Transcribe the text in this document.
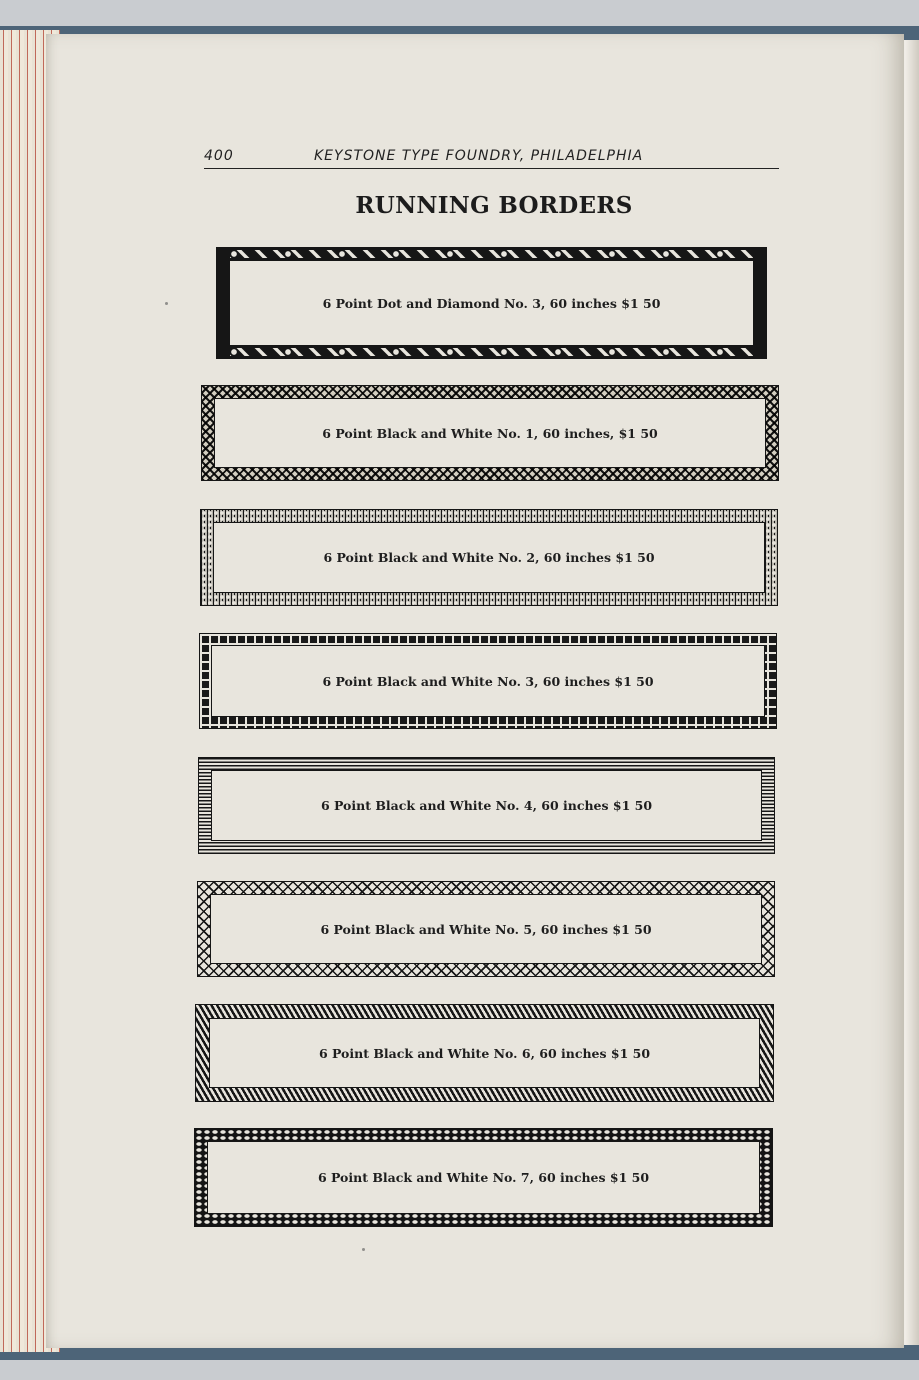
400	KEYSTONE TYPE FOUNDRY, PHILADELPHIA
RUNNING BORDERS
6 Point Dot and Diamond No. 3, 60 inches $1 50
6 Point Black and White No. 1, 60 inches, $1 50
6 Point Black and White No. 2, 60 inches $1 50
6 Point Black and White No. 3, 60 inches $1 50
6 Point Black and White No. 4, 60 inches $1 50
6 Point Black and White No. 5, 60 inches $1 50
6 Point Black and White No. 6, 60 inches $1 50
6 Point Black and White No. 7, 60 inches $1 50
